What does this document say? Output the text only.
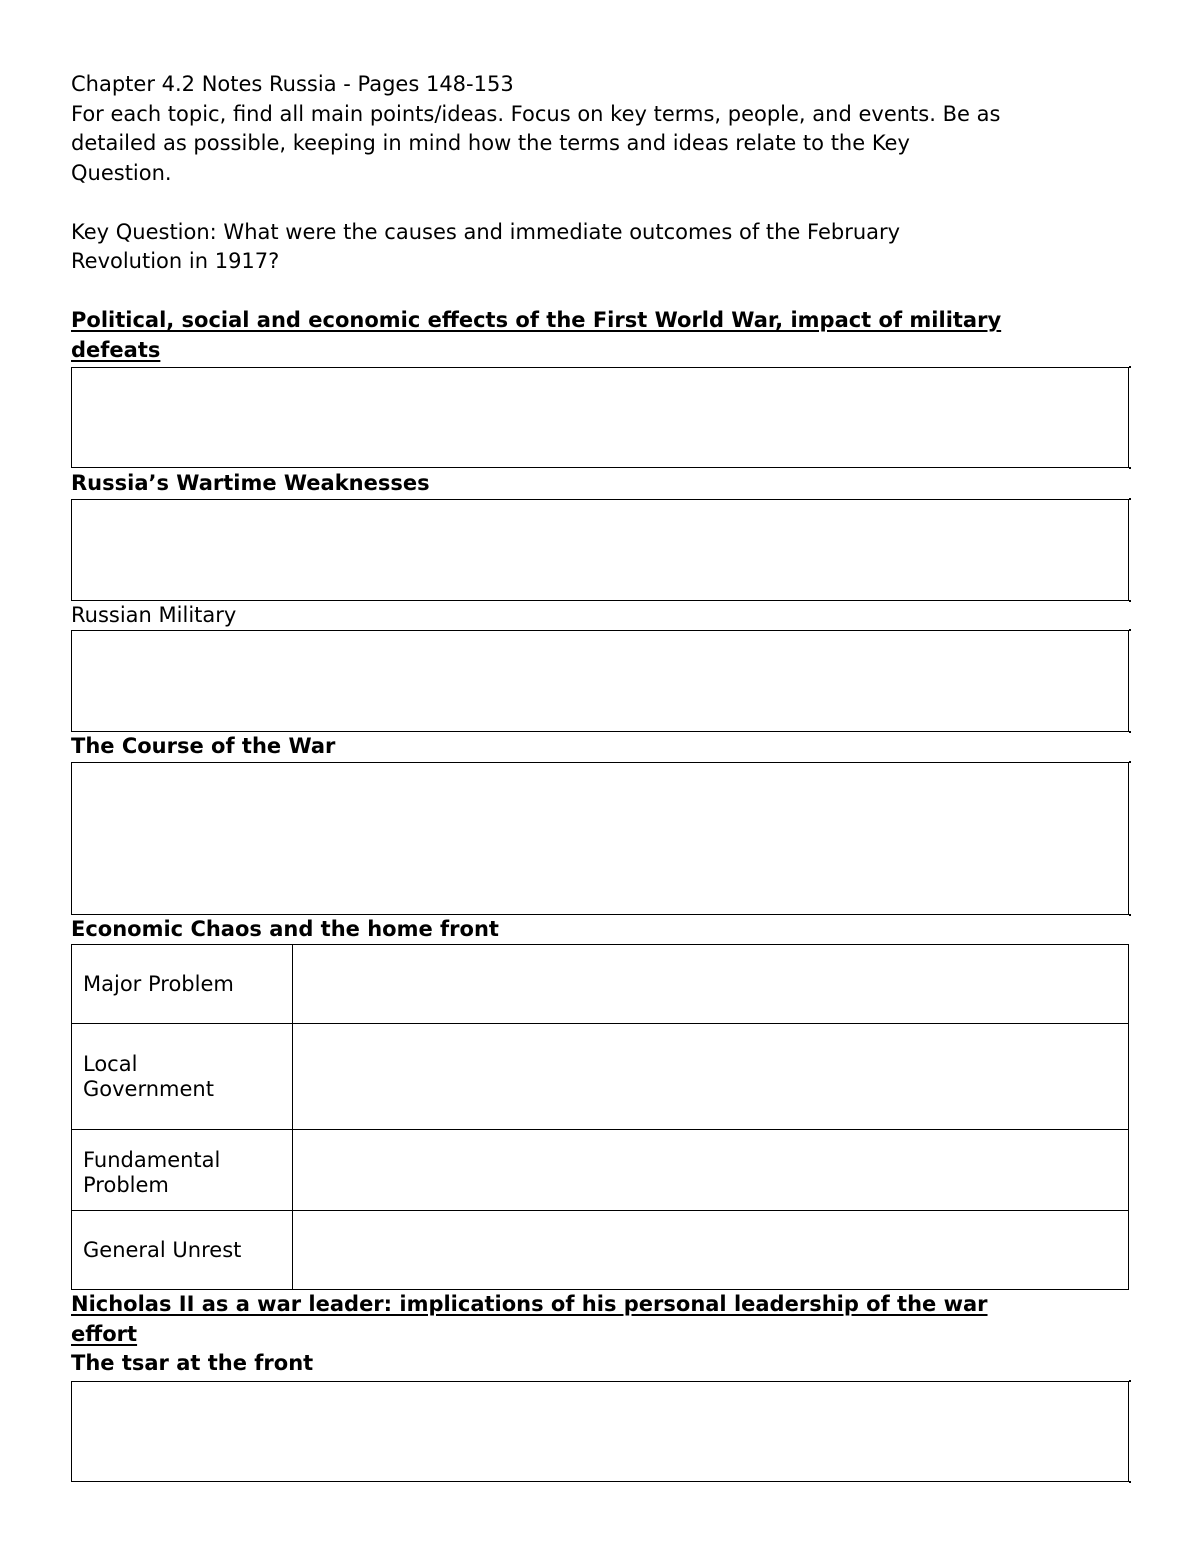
Chapter 4.2 Notes Russia - Pages 148-153

For each topic, find all main points/ideas. Focus on key terms, people, and events. Be as

detailed as possible, keeping in mind how the terms and ideas relate to the Key

Question.

Key Question: What were the causes and immediate outcomes of the February

Revolution in 1917?

Political, social and economic effects of the First World War, impact of military

defeats

Russia’s Wartime Weaknesses

Russian Military

The Course of the War

Economic Chaos and the home front

Major Problem	

Local
Government	

Fundamental
Problem	

General Unrest	

Nicholas II as a war leader: implications of his personal leadership of the war

effort

The tsar at the front
